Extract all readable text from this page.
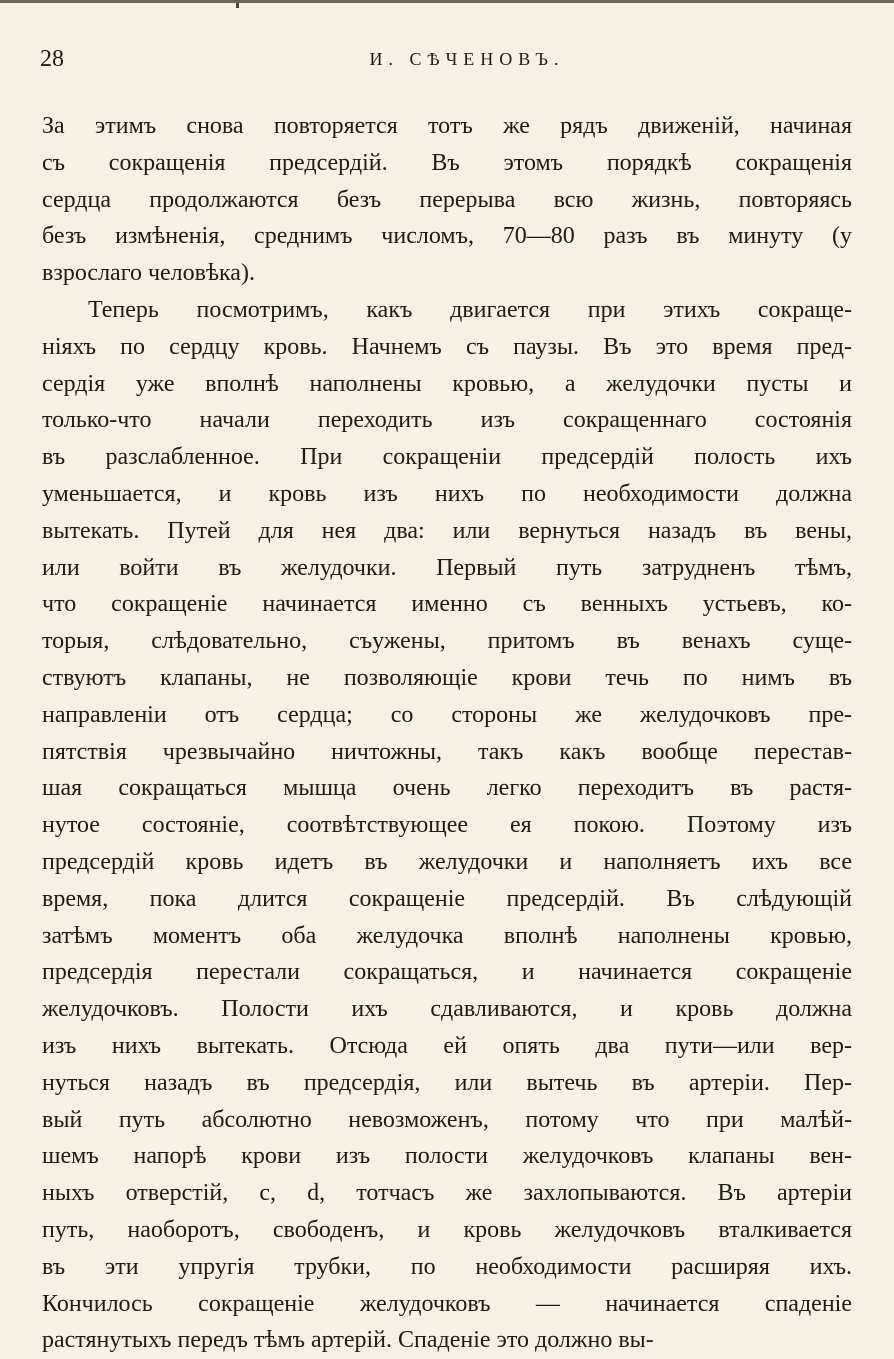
28	И. СѢЧЕНОВЪ.
За этимъ снова повторяется тотъ же рядъ движенiй, начиная
съ сокращенiя предсердiй. Въ этомъ порядкѣ сокращенiя
сердца продолжаются безъ перерыва всю жизнь, повторяясь
безъ измѣненiя, среднимъ числомъ, 70—80 разъ въ минуту (у
взрослаго человѣка).
Теперь посмотримъ, какъ двигается при этихъ сокраще-
нiяхъ по сердцу кровь. Начнемъ съ паузы. Въ это время пред-
сердiя уже вполнѣ наполнены кровью, а желудочки пусты и
только-что начали переходить изъ сокращеннаго состоянiя
въ разслабленное. При сокращенiи предсердiй полость ихъ
уменьшается, и кровь изъ нихъ по необходимости должна
вытекать. Путей для нея два: или вернуться назадъ въ вены,
или войти въ желудочки. Первый путь затрудненъ тѣмъ,
что сокращенiе начинается именно съ венныхъ устьевъ, ко-
торыя, слѣдовательно, съужены, притомъ въ венахъ суще-
ствуютъ клапаны, не позволяющiе крови течь по нимъ въ
направленiи отъ сердца; со стороны же желудочковъ пре-
пятствiя чрезвычайно ничтожны, такъ какъ вообще перестав-
шая сокращаться мышца очень легко переходитъ въ растя-
нутое состоянiе, соотвѣтствующее ея покою. Поэтому изъ
предсердiй кровь идетъ въ желудочки и наполняетъ ихъ все
время, пока длится сокращенiе предсердiй. Въ слѣдующiй
затѣмъ моментъ оба желудочка вполнѣ наполнены кровью,
предсердiя перестали сокращаться, и начинается сокращенiе
желудочковъ. Полости ихъ сдавливаются, и кровь должна
изъ нихъ вытекать. Отсюда ей опять два пути—или вер-
нуться назадъ въ предсердiя, или вытечь въ артерiи. Пер-
вый путь абсолютно невозможенъ, потому что при малѣй-
шемъ напорѣ крови изъ полости желудочковъ клапаны вен-
ныхъ отверстiй, c, d, тотчасъ же захлопываются. Въ артерiи
путь, наоборотъ, свободенъ, и кровь желудочковъ вталкивается
въ эти упругiя трубки, по необходимости расширяя ихъ.
Кончилось сокращенiе желудочковъ — начинается спаденiе
растянутыхъ передъ тѣмъ артерiй. Спаденiе это должно вы-
